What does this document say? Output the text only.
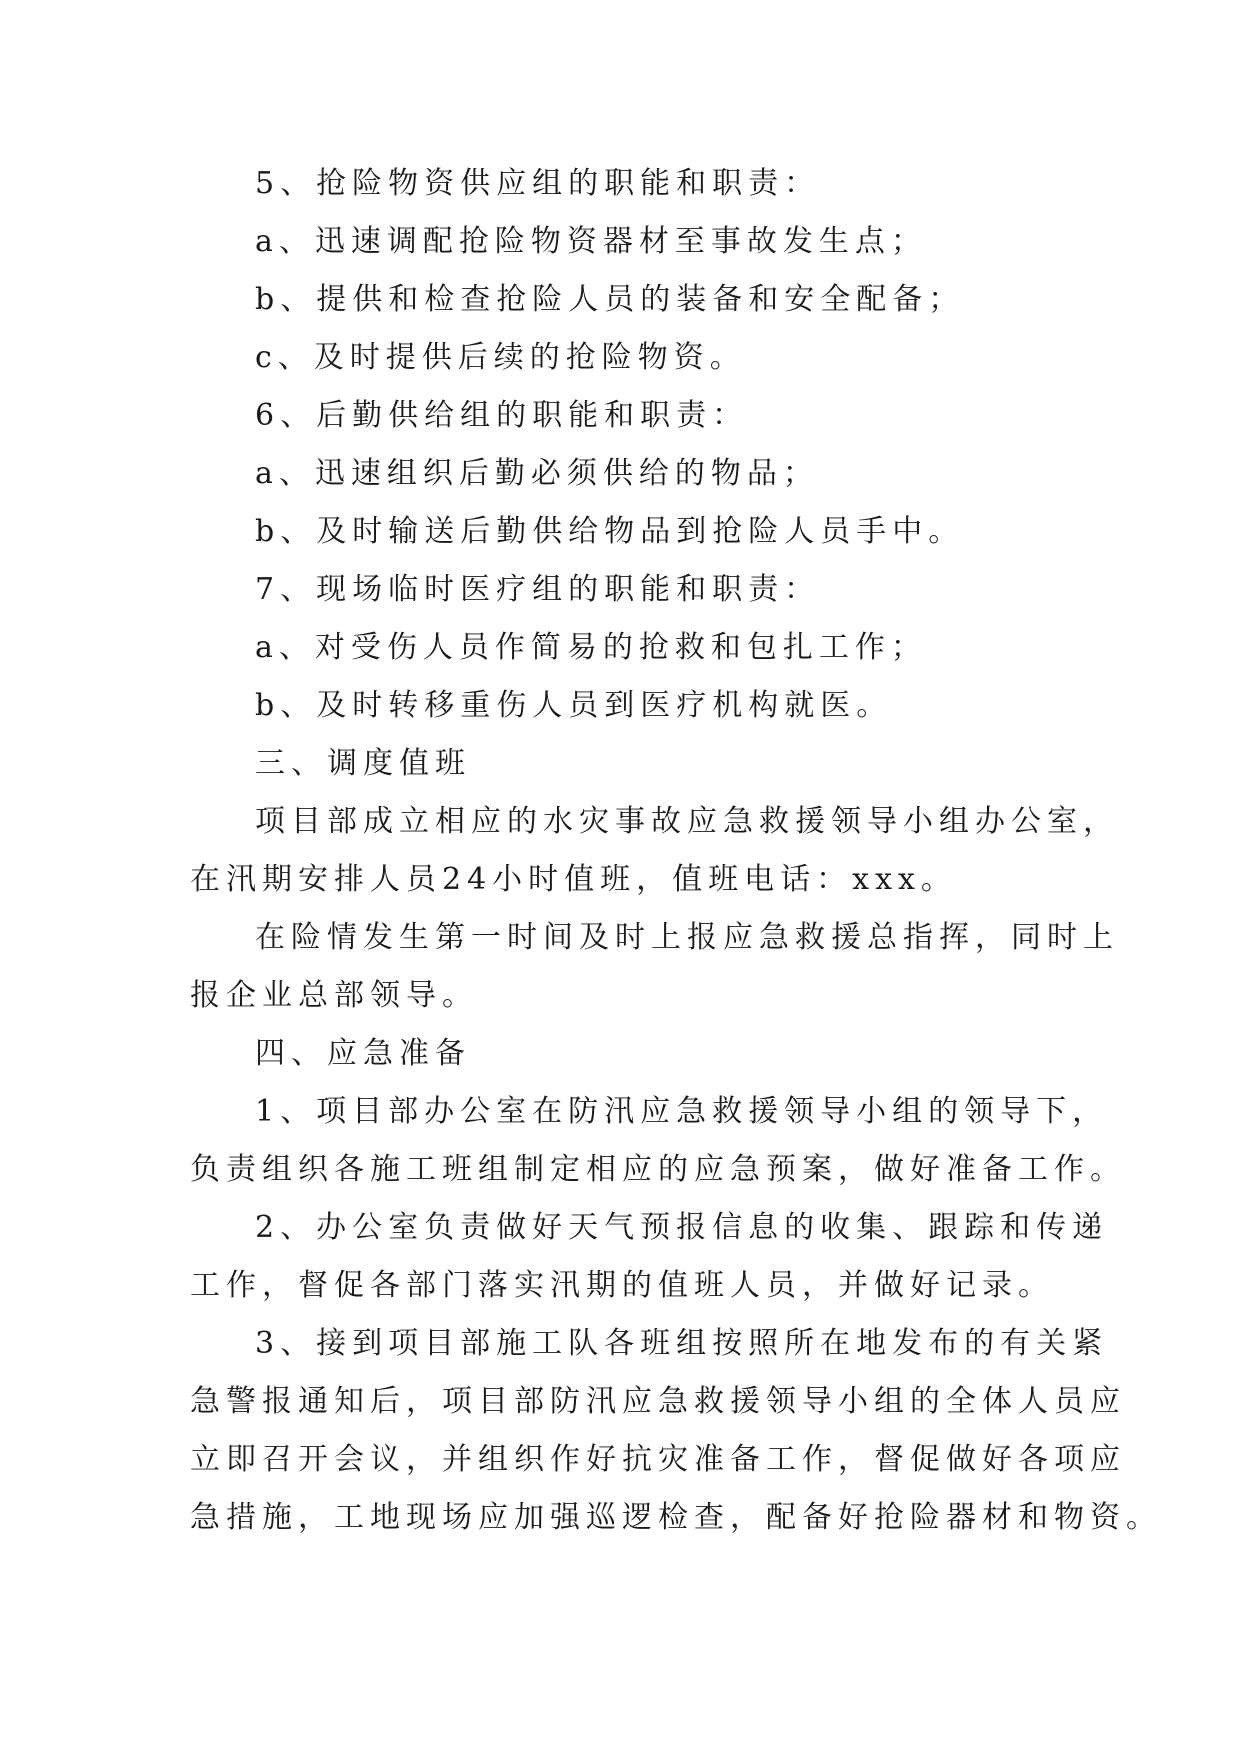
5、抢险物资供应组的职能和职责：
a、迅速调配抢险物资器材至事故发生点；
b、提供和检查抢险人员的装备和安全配备；
c、及时提供后续的抢险物资。
6、后勤供给组的职能和职责：
a、迅速组织后勤必须供给的物品；
b、及时输送后勤供给物品到抢险人员手中。
7、现场临时医疗组的职能和职责：
a、对受伤人员作简易的抢救和包扎工作；
b、及时转移重伤人员到医疗机构就医。
三、调度值班
项目部成立相应的水灾事故应急救援领导小组办公室，
在汛期安排人员24小时值班，值班电话：xxx。
在险情发生第一时间及时上报应急救援总指挥，同时上
报企业总部领导。
四、应急准备
1、项目部办公室在防汛应急救援领导小组的领导下，
负责组织各施工班组制定相应的应急预案，做好准备工作。
2、办公室负责做好天气预报信息的收集、跟踪和传递
工作，督促各部门落实汛期的值班人员，并做好记录。
3、接到项目部施工队各班组按照所在地发布的有关紧
急警报通知后，项目部防汛应急救援领导小组的全体人员应
立即召开会议，并组织作好抗灾准备工作，督促做好各项应
急措施，工地现场应加强巡逻检查，配备好抢险器材和物资。
